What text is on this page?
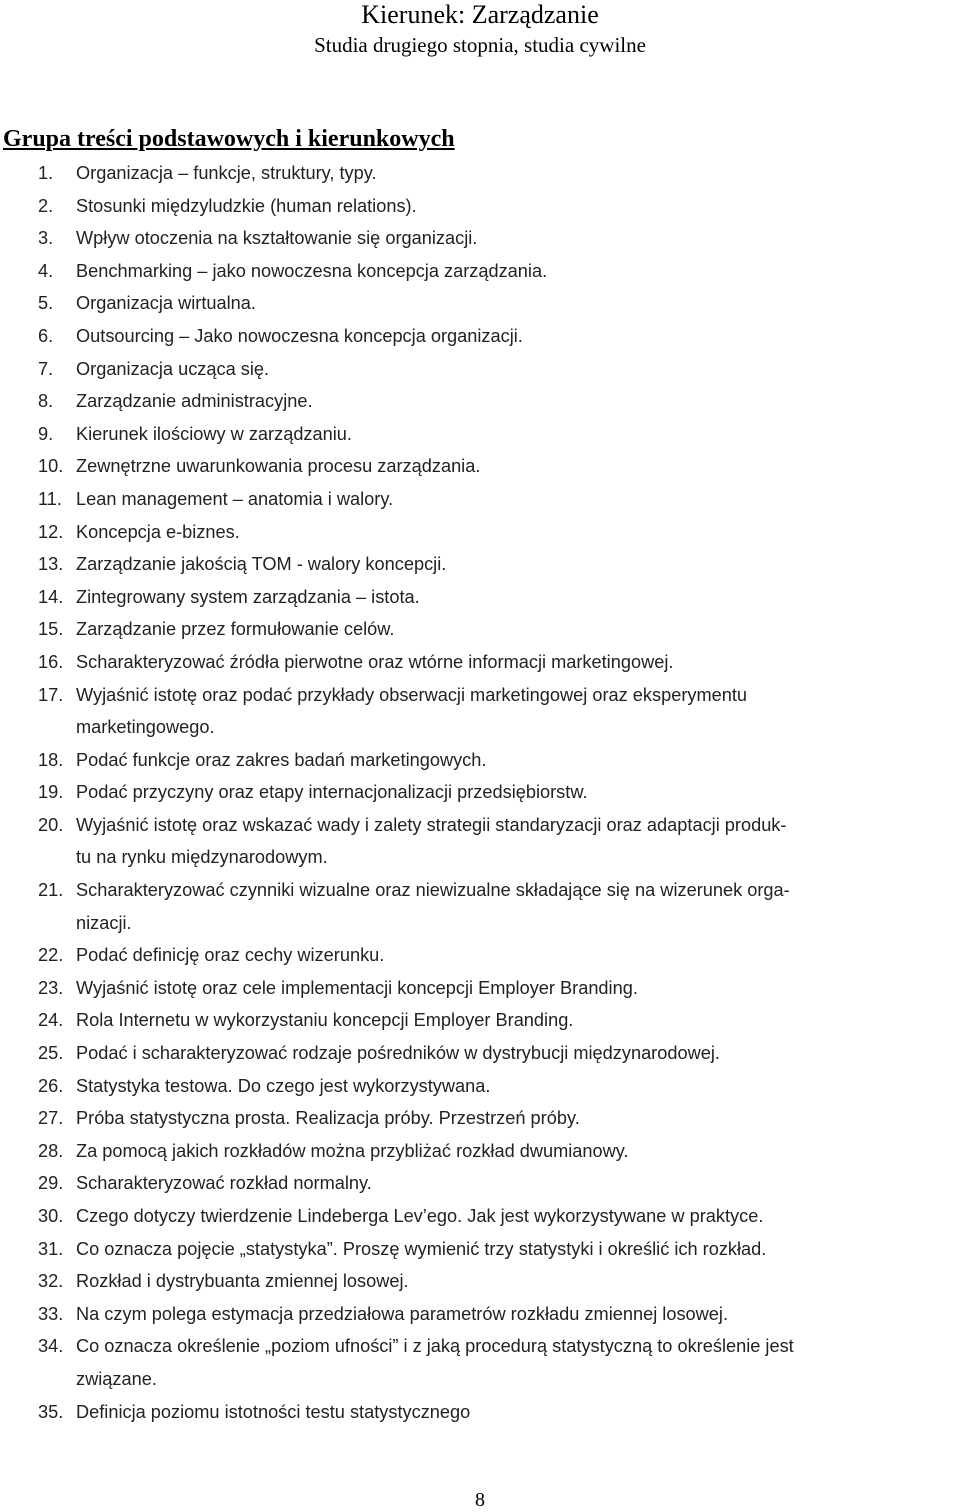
Kierunek: Zarządzanie
Studia drugiego stopnia, studia cywilne
Grupa treści podstawowych i kierunkowych
1.	Organizacja – funkcje, struktury, typy.
2.	Stosunki międzyludzkie (human relations).
3.	Wpływ otoczenia na kształtowanie się organizacji.
4.	Benchmarking – jako nowoczesna koncepcja zarządzania.
5.	Organizacja wirtualna.
6.	Outsourcing – Jako nowoczesna koncepcja organizacji.
7.	Organizacja ucząca się.
8.	Zarządzanie administracyjne.
9.	Kierunek ilościowy w zarządzaniu.
10. Zewnętrzne uwarunkowania procesu zarządzania.
11. Lean management – anatomia i walory.
12. Koncepcja e-biznes.
13. Zarządzanie jakością TOM - walory koncepcji.
14. Zintegrowany system zarządzania – istota.
15. Zarządzanie przez formułowanie celów.
16. Scharakteryzować źródła pierwotne oraz wtórne informacji marketingowej.
17. Wyjaśnić istotę oraz podać przykłady obserwacji marketingowej oraz eksperymentu
marketingowego.
18. Podać funkcje oraz zakres badań marketingowych.
19. Podać przyczyny oraz etapy internacjonalizacji przedsiębiorstw.
20. Wyjaśnić istotę oraz wskazać wady i zalety strategii standaryzacji oraz adaptacji produk-
tu na rynku międzynarodowym.
21. Scharakteryzować czynniki wizualne oraz niewizualne składające się na wizerunek orga-
nizacji.
22. Podać definicję oraz cechy wizerunku.
23. Wyjaśnić istotę oraz cele implementacji koncepcji Employer Branding.
24. Rola Internetu w wykorzystaniu koncepcji Employer Branding.
25. Podać i scharakteryzować rodzaje pośredników w dystrybucji międzynarodowej.
26. Statystyka testowa. Do czego jest wykorzystywana.
27. Próba statystyczna prosta. Realizacja próby. Przestrzeń próby.
28. Za pomocą jakich rozkładów można przybliżać rozkład dwumianowy.
29. Scharakteryzować rozkład normalny.
30. Czego dotyczy twierdzenie Lindeberga Lev’ego. Jak jest wykorzystywane w praktyce.
31. Co oznacza pojęcie „statystyka”. Proszę wymienić trzy statystyki i określić ich rozkład.
32. Rozkład i dystrybuanta zmiennej losowej.
33. Na czym polega estymacja przedziałowa parametrów rozkładu zmiennej losowej.
34. Co oznacza określenie „poziom ufności” i z jaką procedurą statystyczną to określenie jest
związane.
35. Definicja poziomu istotności testu statystycznego
8
